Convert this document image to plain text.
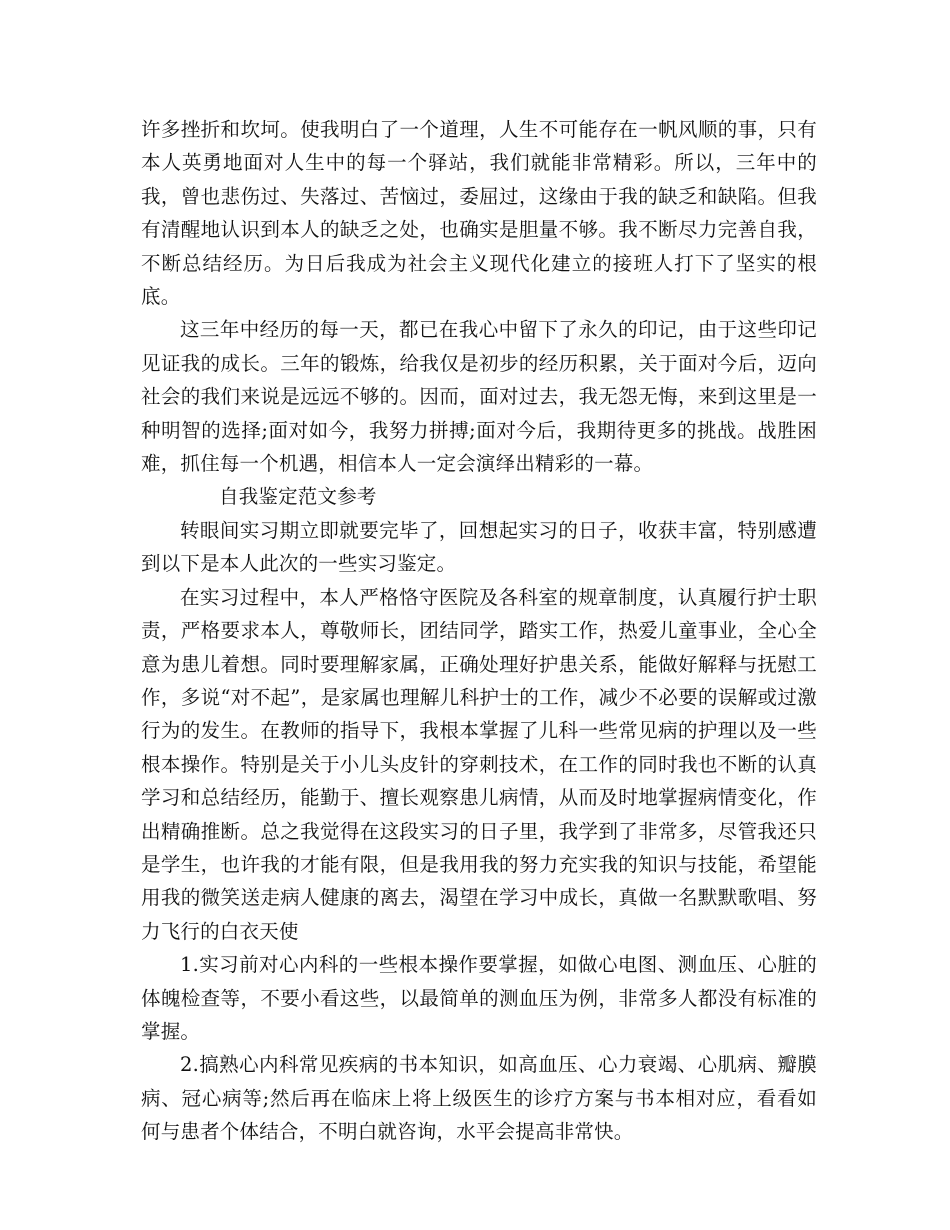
许多挫折和坎坷。使我明白了一个道理，人生不可能存在一帆风顺的事，只有本人英勇地面对人生中的每一个驿站，我们就能非常精彩。所以，三年中的我，曾也悲伤过、失落过、苦恼过，委屈过，这缘由于我的缺乏和缺陷。但我有清醒地认识到本人的缺乏之处，也确实是胆量不够。我不断尽力完善自我，不断总结经历。为日后我成为社会主义现代化建立的接班人打下了坚实的根底。

这三年中经历的每一天，都已在我心中留下了永久的印记，由于这些印记见证我的成长。三年的锻炼，给我仅是初步的经历积累，关于面对今后，迈向社会的我们来说是远远不够的。因而，面对过去，我无怨无悔，来到这里是一种明智的选择;面对如今，我努力拼搏;面对今后，我期待更多的挑战。战胜困难，抓住每一个机遇，相信本人一定会演绎出精彩的一幕。

自我鉴定范文参考

转眼间实习期立即就要完毕了，回想起实习的日子，收获丰富，特别感遭到以下是本人此次的一些实习鉴定。

在实习过程中，本人严格恪守医院及各科室的规章制度，认真履行护士职责，严格要求本人，尊敬师长，团结同学，踏实工作，热爱儿童事业，全心全意为患儿着想。同时要理解家属，正确处理好护患关系，能做好解释与抚慰工作，多说“对不起”，是家属也理解儿科护士的工作，减少不必要的误解或过激行为的发生。在教师的指导下，我根本掌握了儿科一些常见病的护理以及一些根本操作。特别是关于小儿头皮针的穿刺技术，在工作的同时我也不断的认真学习和总结经历，能勤于、擅长观察患儿病情，从而及时地掌握病情变化，作出精确推断。总之我觉得在这段实习的日子里，我学到了非常多，尽管我还只是学生，也许我的才能有限，但是我用我的努力充实我的知识与技能，希望能用我的微笑送走病人健康的离去，渴望在学习中成长，真做一名默默歌唱、努力飞行的白衣天使

1.实习前对心内科的一些根本操作要掌握，如做心电图、测血压、心脏的体魄检查等，不要小看这些，以最简单的测血压为例，非常多人都没有标准的掌握。

2.搞熟心内科常见疾病的书本知识，如高血压、心力衰竭、心肌病、瓣膜病、冠心病等;然后再在临床上将上级医生的诊疗方案与书本相对应，看看如何与患者个体结合，不明白就咨询，水平会提高非常快。
